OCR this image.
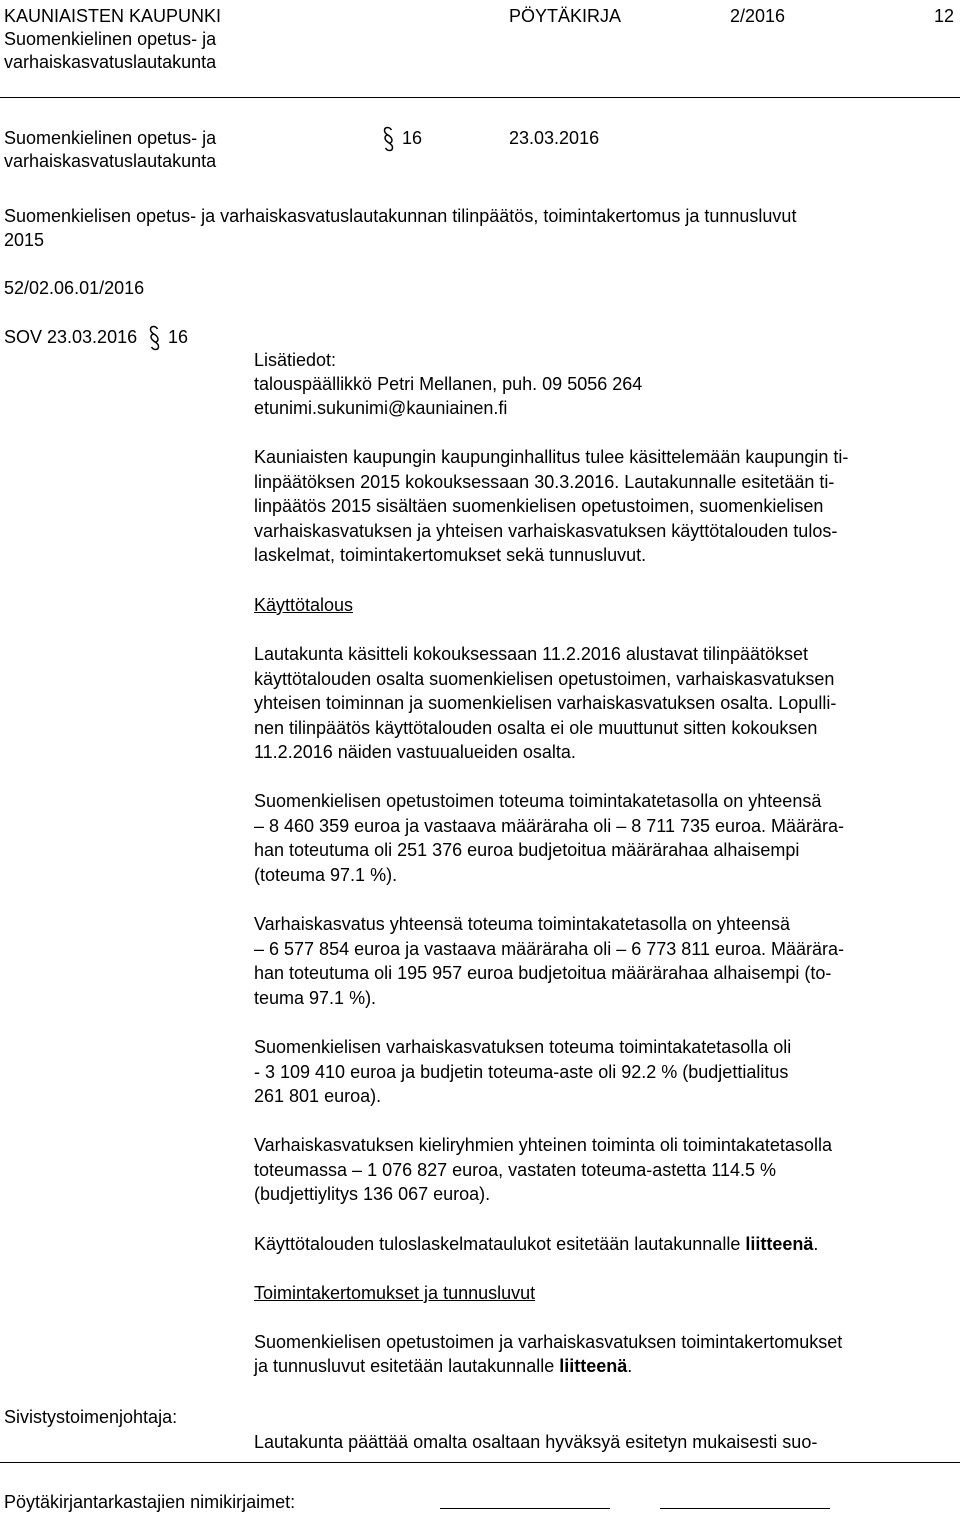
KAUNIAISTEN KAUPUNKI

Suomenkielinen opetus- ja

varhaiskasvatuslautakunta

PÖYTÄKIRJA	2/2016	12

Suomenkielinen opetus- ja

varhaiskasvatuslautakunta

16	23.03.2016

Suomenkielisen opetus- ja varhaiskasvatuslautakunnan tilinpäätös, toimintakertomus ja tunnusluvut

2015

52/02.06.01/2016

SOV 23.03.2016 16

Lisätiedot:

talouspäällikkö Petri Mellanen, puh. 09 5056 264

etunimi.sukunimi@kauniainen.fi

Kauniaisten kaupungin kaupunginhallitus tulee käsittelemään kaupungin ti-
linpäätöksen 2015 kokouksessaan 30.3.2016. Lautakunnalle esitetään ti-
linpäätös 2015 sisältäen suomenkielisen opetustoimen, suomenkielisen
varhaiskasvatuksen ja yhteisen varhaiskasvatuksen käyttötalouden tulos-
laskelmat, toimintakertomukset sekä tunnusluvut.

Käyttötalous

Lautakunta käsitteli kokouksessaan 11.2.2016 alustavat tilinpäätökset
käyttötalouden osalta suomenkielisen opetustoimen, varhaiskasvatuksen
yhteisen toiminnan ja suomenkielisen varhaiskasvatuksen osalta. Lopulli-
nen tilinpäätös käyttötalouden osalta ei ole muuttunut sitten kokouksen
11.2.2016 näiden vastuualueiden osalta.
Suomenkielisen opetustoimen toteuma toimintakatetasolla on yhteensä
– 8 460 359 euroa ja vastaava määräraha oli – 8 711 735 euroa. Määrära-
han toteutuma oli 251 376 euroa budjetoitua määrärahaa alhaisempi
(toteuma 97.1 %).
Varhaiskasvatus yhteensä toteuma toimintakatetasolla on yhteensä
– 6 577 854 euroa ja vastaava määräraha oli – 6 773 811 euroa. Määrära-
han toteutuma oli 195 957 euroa budjetoitua määrärahaa alhaisempi (to-
teuma 97.1 %).
Suomenkielisen varhaiskasvatuksen toteuma toimintakatetasolla oli
- 3 109 410 euroa ja budjetin toteuma-aste oli 92.2 % (budjettialitus
261 801 euroa).
Varhaiskasvatuksen kieliryhmien yhteinen toiminta oli toimintakatetasolla
toteumassa – 1 076 827 euroa, vastaten toteuma-astetta 114.5 %
(budjettiylitys 136 067 euroa).

Käyttötalouden tuloslaskelmataulukot esitetään lautakunnalle liitteenä.

Toimintakertomukset ja tunnusluvut

Suomenkielisen opetustoimen ja varhaiskasvatuksen toimintakertomukset

ja tunnusluvut esitetään lautakunnalle liitteenä.

Sivistystoimenjohtaja:

Lautakunta päättää omalta osaltaan hyväksyä esitetyn mukaisesti suo-

Pöytäkirjantarkastajien nimikirjaimet:
